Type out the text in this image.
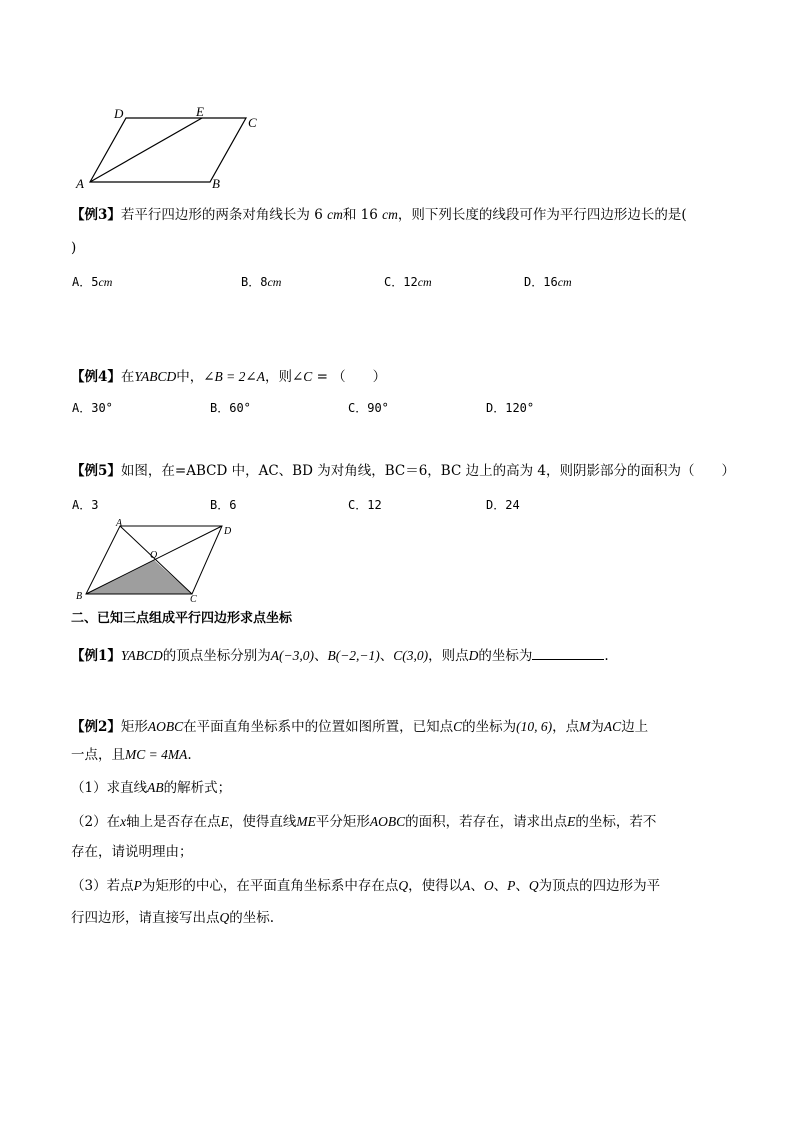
D	E
C
A	B
【例3】若平行四边形的两条对角线长为 6 cm和 16 cm，则下列长度的线段可作为平行四边形边长的是(
)
A．5cm	B．8cm	C．12cm	D．16cm
【例4】在YABCD中，∠B = 2∠A，则∠C = （　　）
A．30°	B．60°	C．90°	D．120°
【例5】如图，在=ABCD 中，AC、BD 为对角线，BC＝6，BC 边上的高为 4，则阴影部分的面积为（　　）
A．3	B．6	C．12	D．24
A
D
O
B	C
二、已知三点组成平行四边形求点坐标
【例1】YABCD的顶点坐标分别为A(−3,0)、B(−2,−1)、C(3,0)，则点D的坐标为	.
【例2】矩形AOBC在平面直角坐标系中的位置如图所置，已知点C的坐标为(10, 6)，点M为AC边上
一点，且MC = 4MA.
（1）求直线AB的解析式；
（2）在x轴上是否存在点E，使得直线ME平分矩形AOBC的面积，若存在，请求出点E的坐标，若不
存在，请说明理由；
（3）若点P为矩形的中心，在平面直角坐标系中存在点Q，使得以A、O、P、Q为顶点的四边形为平
行四边形，请直接写出点Q的坐标.
